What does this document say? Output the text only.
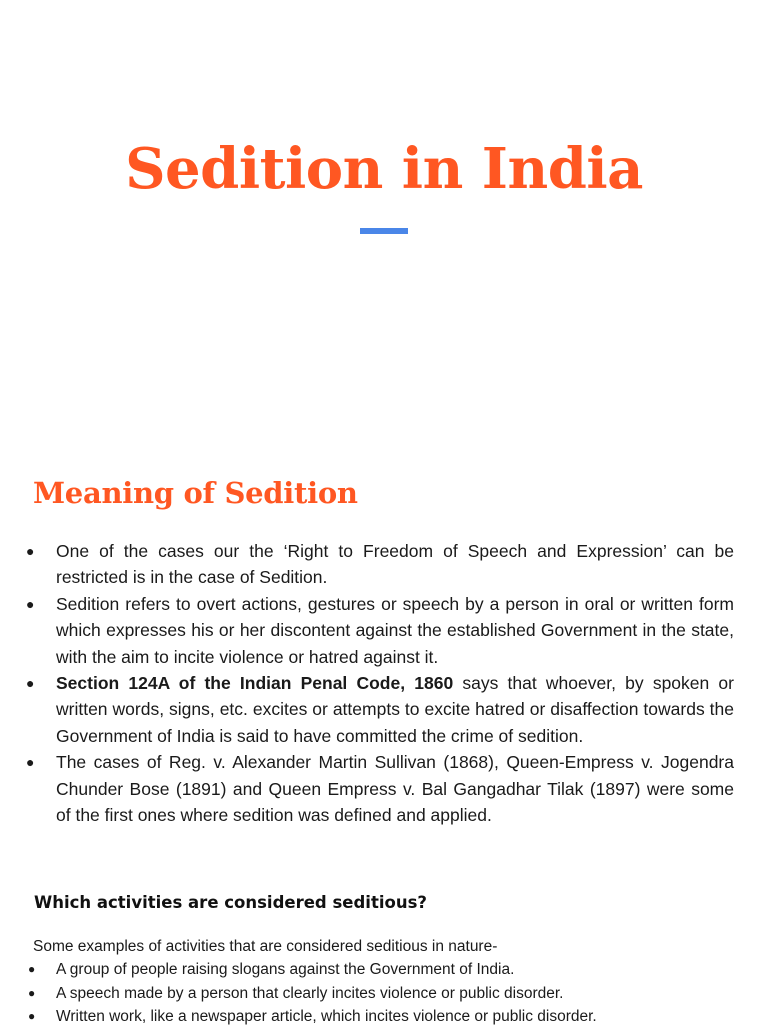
Sedition in India
Meaning of Sedition
● One of the cases our the ‘Right to Freedom of Speech and Expression’ can be restricted is in the case of Sedition.
● Sedition refers to overt actions, gestures or speech by a person in oral or written form which expresses his or her discontent against the established Government in the state, with the aim to incite violence or hatred against it.
● Section 124A of the Indian Penal Code, 1860 says that whoever, by spoken or written words, signs, etc. excites or attempts to excite hatred or disaffection towards the Government of India is said to have committed the crime of sedition.
● The cases of Reg. v. Alexander Martin Sullivan (1868), Queen-Empress v. Jogendra Chunder Bose (1891) and Queen Empress v. Bal Gangadhar Tilak (1897) were some of the first ones where sedition was defined and applied.
Which activities are considered seditious?

Some examples of activities that are considered seditious in nature-

● A group of people raising slogans against the Government of India.
● A speech made by a person that clearly incites violence or public disorder.
● Written work, like a newspaper article, which incites violence or public disorder.
